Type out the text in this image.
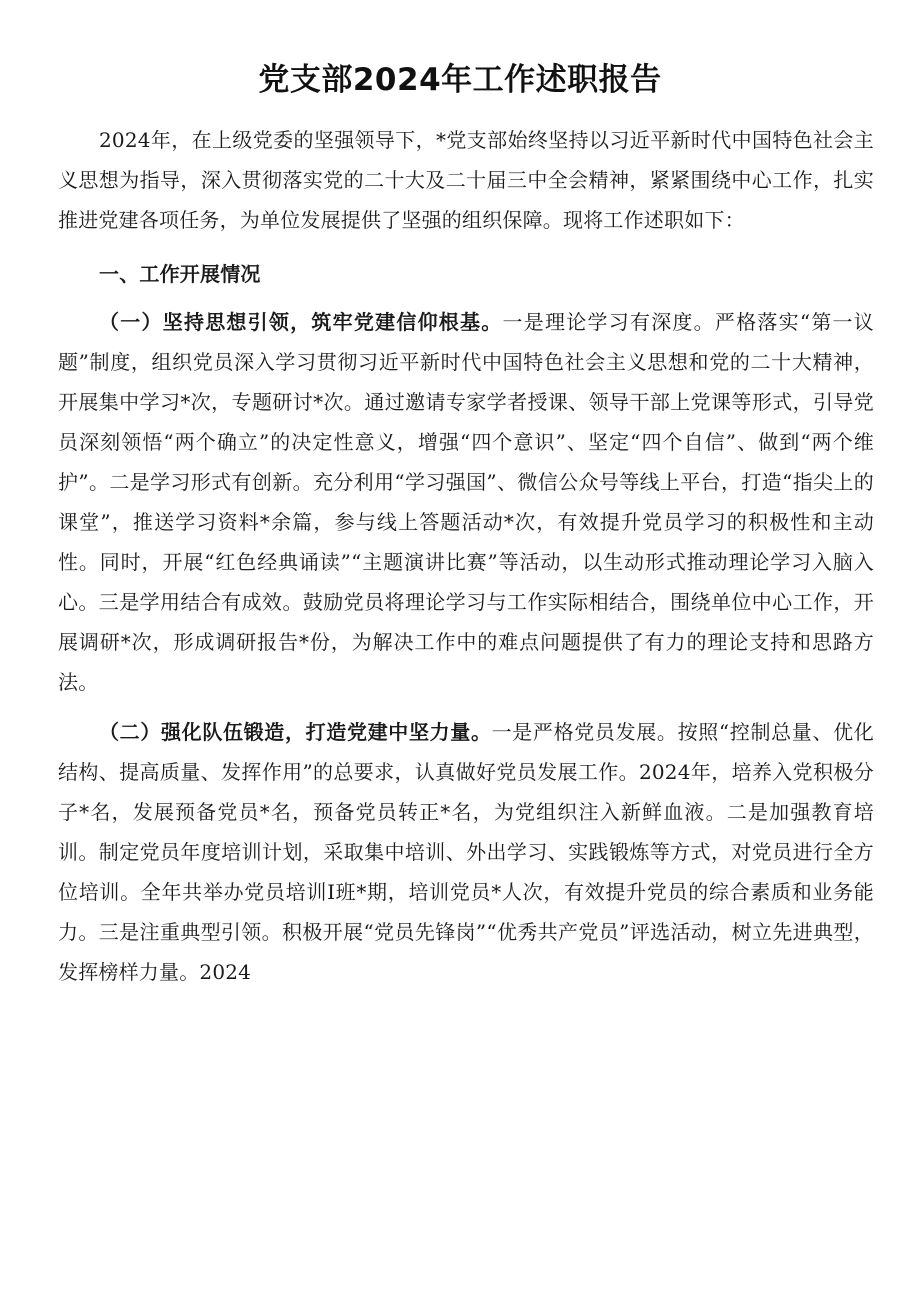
党支部2024年工作述职报告

2024年，在上级党委的坚强领导下，*党支部始终坚持以习近平新时代中国特色社会主义思想为指导，深入贯彻落实党的二十大及二十届三中全会精神，紧紧围绕中心工作，扎实推进党建各项任务，为单位发展提供了坚强的组织保障。现将工作述职如下：

一、工作开展情况

（一）坚持思想引领，筑牢党建信仰根基。一是理论学习有深度。严格落实“第一议题”制度，组织党员深入学习贯彻习近平新时代中国特色社会主义思想和党的二十大精神，开展集中学习*次，专题研讨*次。通过邀请专家学者授课、领导干部上党课等形式，引导党员深刻领悟“两个确立”的决定性意义，增强“四个意识”、坚定“四个自信”、做到“两个维护”。二是学习形式有创新。充分利用“学习强国”、微信公众号等线上平台，打造“指尖上的课堂”，推送学习资料*余篇，参与线上答题活动*次，有效提升党员学习的积极性和主动性。同时，开展“红色经典诵读”“主题演讲比赛”等活动，以生动形式推动理论学习入脑入心。三是学用结合有成效。鼓励党员将理论学习与工作实际相结合，围绕单位中心工作，开展调研*次，形成调研报告*份，为解决工作中的难点问题提供了有力的理论支持和思路方法。

（二）强化队伍锻造，打造党建中坚力量。一是严格党员发展。按照“控制总量、优化结构、提高质量、发挥作用”的总要求，认真做好党员发展工作。2024年，培养入党积极分子*名，发展预备党员*名，预备党员转正*名，为党组织注入新鲜血液。二是加强教育培训。制定党员年度培训计划，采取集中培训、外出学习、实践锻炼等方式，对党员进行全方位培训。全年共举办党员培训I班*期，培训党员*人次，有效提升党员的综合素质和业务能力。三是注重典型引领。积极开展“党员先锋岗”“优秀共产党员”评选活动，树立先进典型，发挥榜样力量。2024
